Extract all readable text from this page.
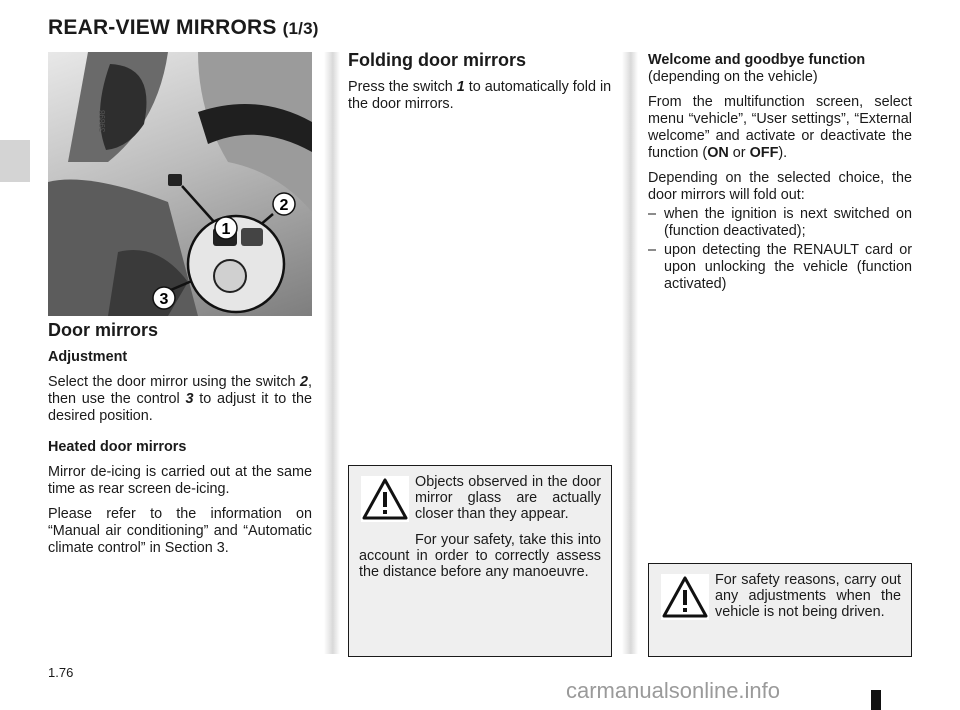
REAR-VIEW MIRRORS (1/3)
1
2
3
39898
Door mirrors
Adjustment

Select the door mirror using the switch 2, then use the control 3 to adjust it to the desired position.

Heated door mirrors

Mirror de-icing is carried out at the same time as rear screen de-icing.

Please refer to the information on “Manual air conditioning” and “Automatic climate control” in Section 3.

Folding door mirrors

Press the switch 1 to automatically fold in the door mirrors.

Objects observed in the door mirror glass are actually closer than they appear.

For your safety, take this into account in order to correctly assess the distance before any manoeuvre.

Welcome and goodbye function

(depending on the vehicle)

From the multifunction screen, select menu “vehicle”, “User settings”, “External welcome” and activate or deactivate the function (ON or OFF).

Depending on the selected choice, the door mirrors will fold out:

– when the ignition is next switched on (function deactivated);
– upon detecting the RENAULT card or upon unlocking the vehicle (function activated)

For safety reasons, carry out any adjustments when the vehicle is not being driven.

1.76
carmanualsonline.info
